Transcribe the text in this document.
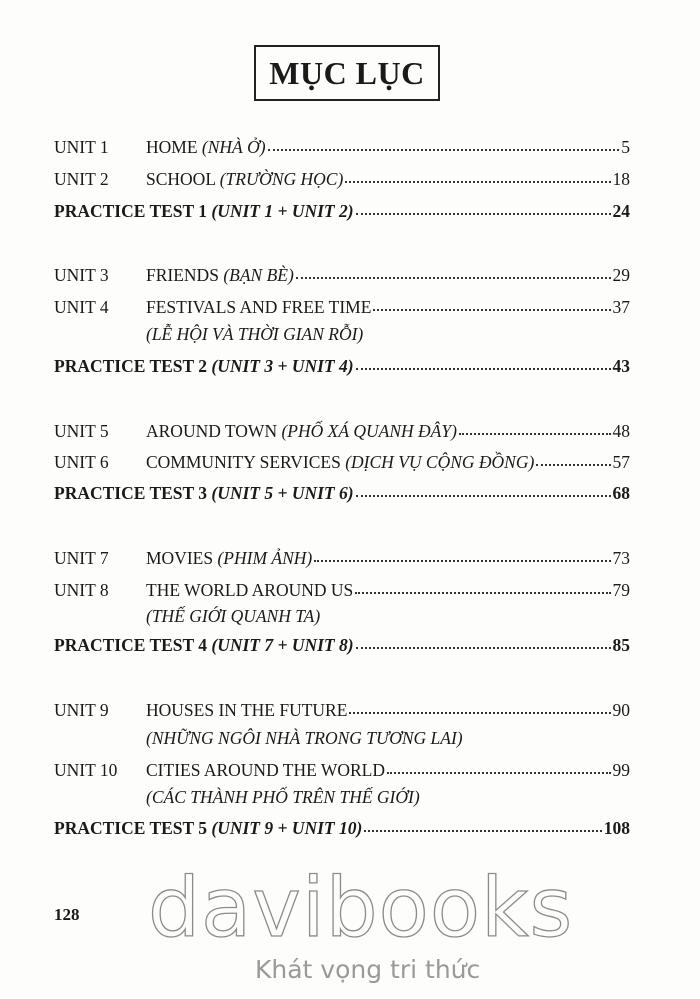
MỤC LỤC
UNIT 1	HOME (NHÀ Ở)	5
UNIT 2	SCHOOL (TRƯỜNG HỌC)	18
PRACTICE TEST 1 (UNIT 1 + UNIT 2)	24
UNIT 3	FRIENDS (BẠN BÈ)	29
UNIT 4	FESTIVALS AND FREE TIME	37
(LỄ HỘI VÀ THỜI GIAN RỖI)
PRACTICE TEST 2 (UNIT 3 + UNIT 4)	43
UNIT 5	AROUND TOWN (PHỐ XÁ QUANH ĐÂY)	48
UNIT 6	COMMUNITY SERVICES (DỊCH VỤ CỘNG ĐỒNG)	57
PRACTICE TEST 3 (UNIT 5 + UNIT 6)	68
UNIT 7	MOVIES (PHIM ẢNH)	73
UNIT 8	THE WORLD AROUND US	79
(THẾ GIỚI QUANH TA)
PRACTICE TEST 4 (UNIT 7 + UNIT 8)	85
UNIT 9	HOUSES IN THE FUTURE	90
(NHỮNG NGÔI NHÀ TRONG TƯƠNG LAI)
UNIT 10	CITIES AROUND THE WORLD	99
(CÁC THÀNH PHỐ TRÊN THẾ GIỚI)
PRACTICE TEST 5 (UNIT 9 + UNIT 10)	108
128 davibooks
Khát vọng tri thức
